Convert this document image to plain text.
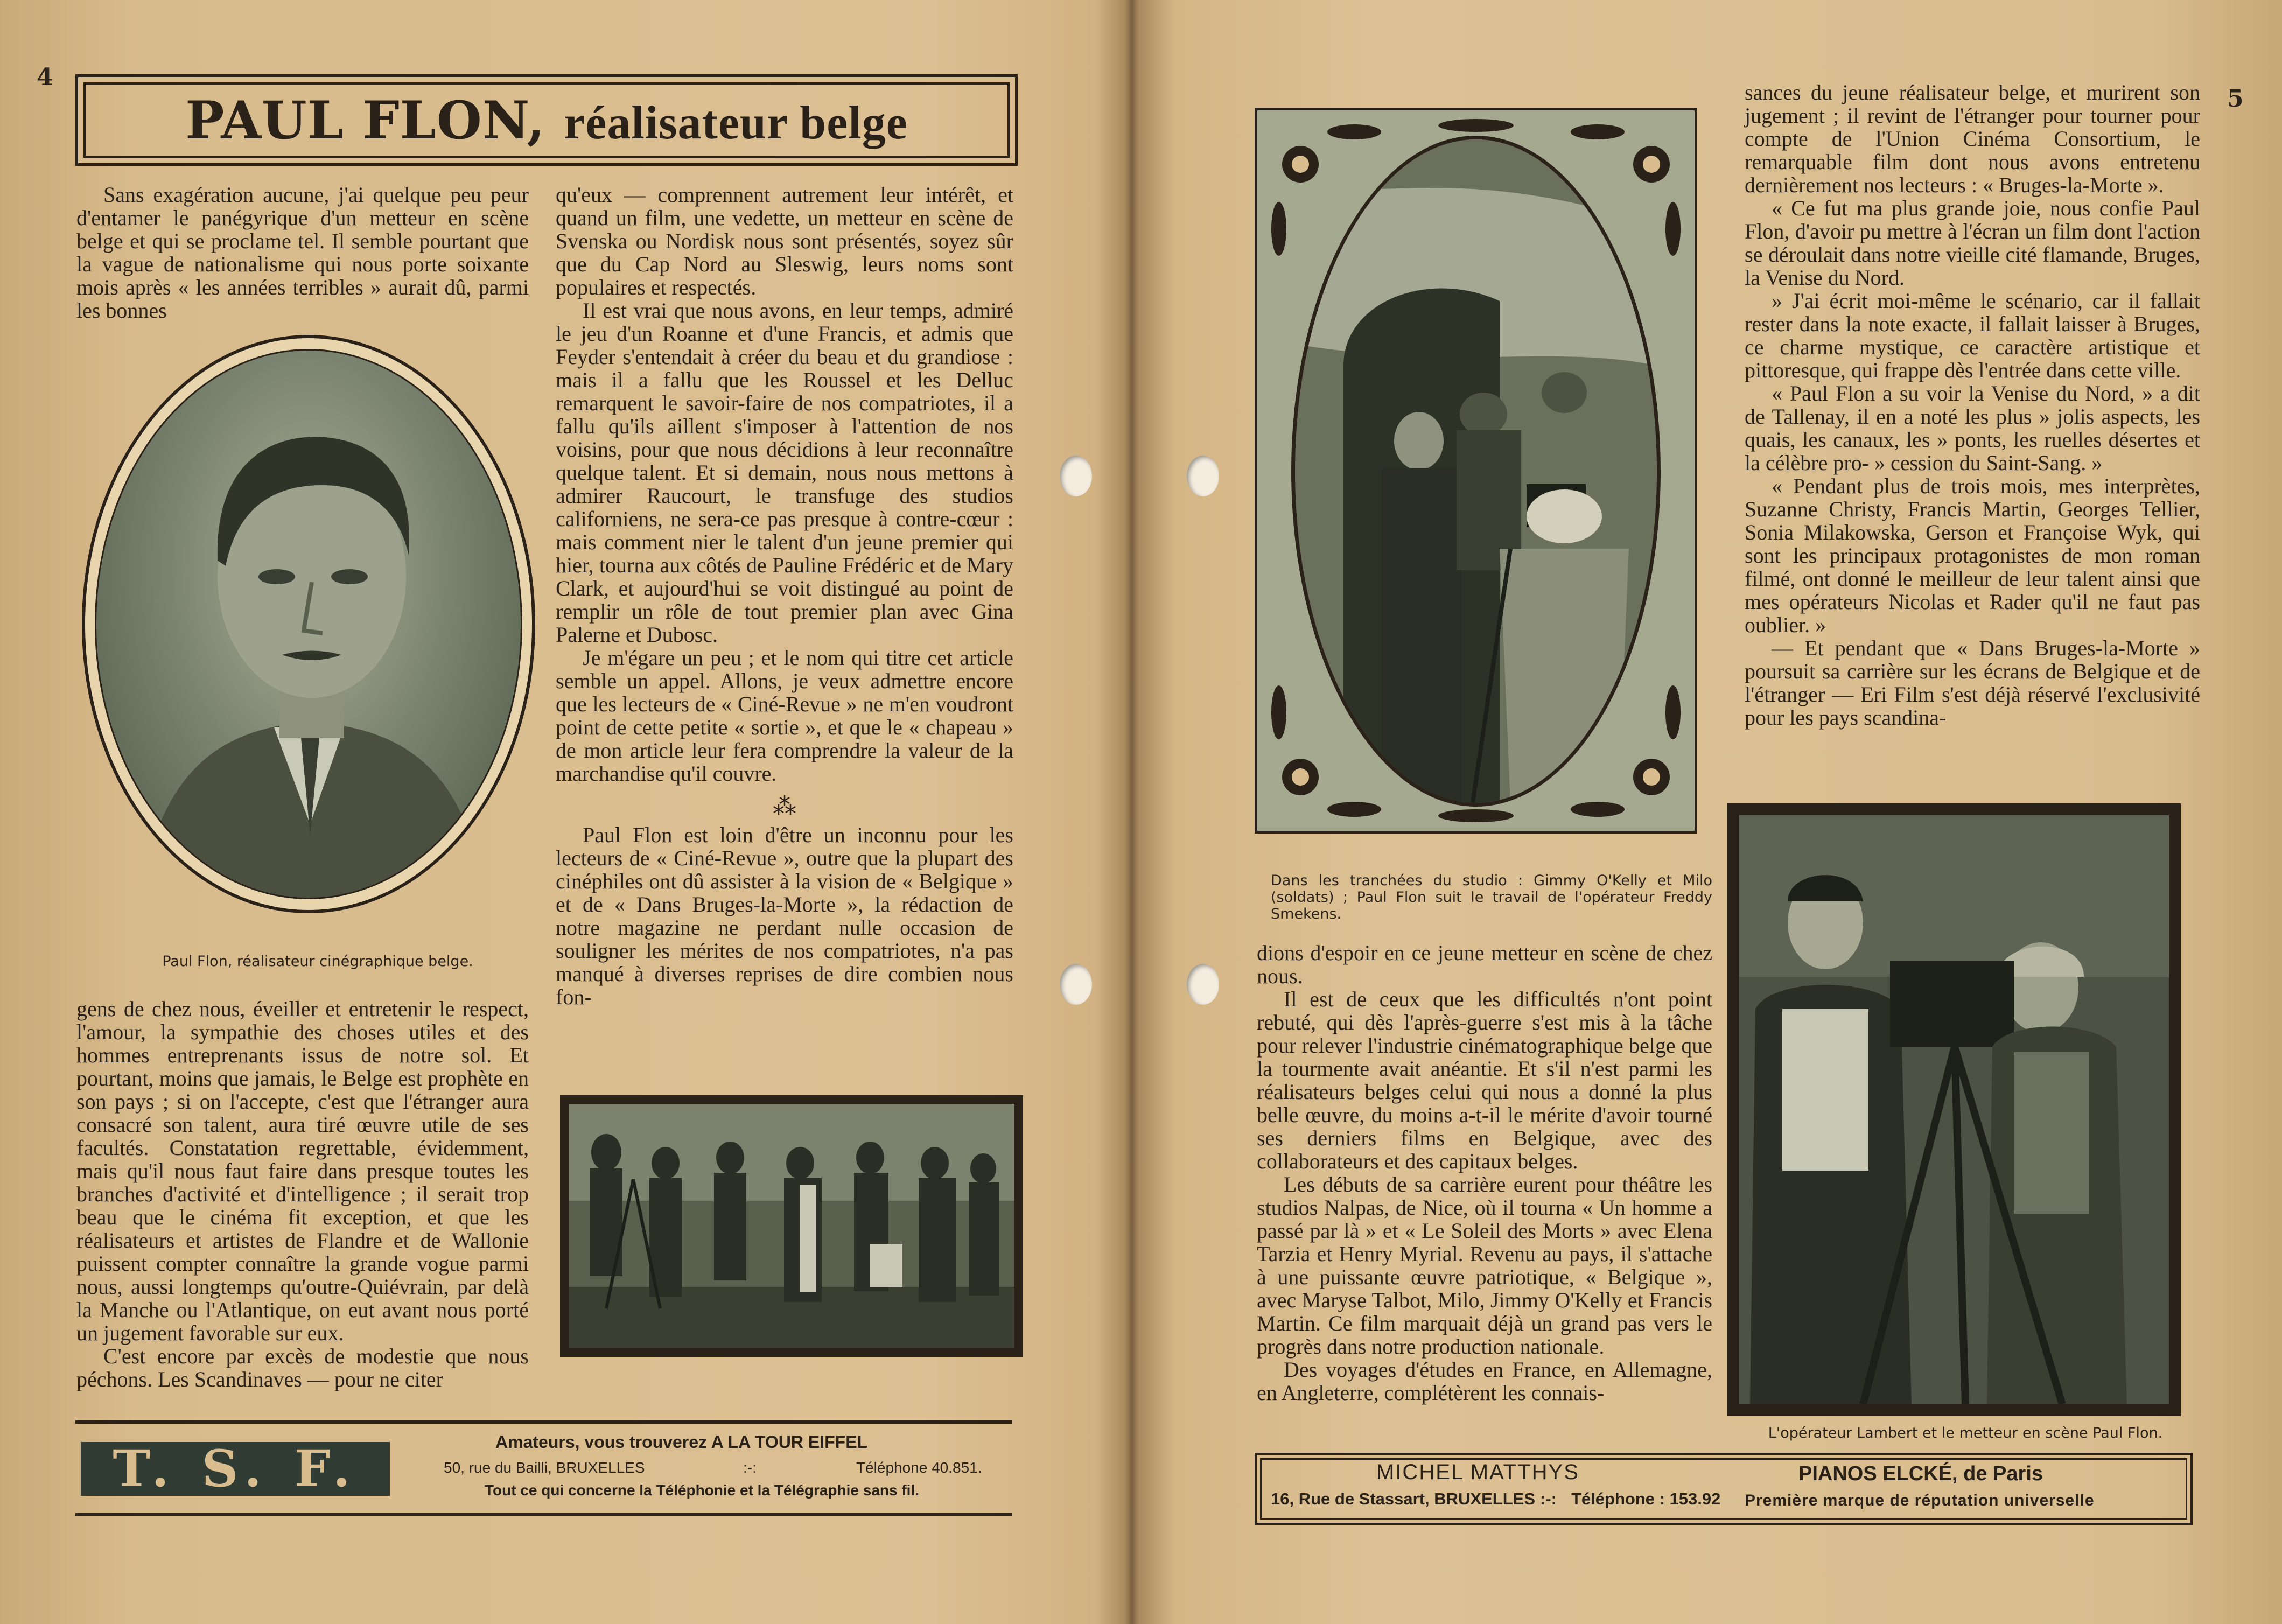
4
PAUL FLON, réalisateur belge

Sans exagération aucune, j'ai quelque peu peur d'entamer le panégyrique d'un metteur en scène belge et qui se proclame tel. Il semble pourtant que la vague de nationalisme qui nous porte soixante mois après « les années terribles » aurait dû, parmi les bonnes

Paul Flon, réalisateur cinégraphique belge.

gens de chez nous, éveiller et entretenir le respect, l'amour, la sympathie des choses utiles et des hommes entreprenants issus de notre sol. Et pourtant, moins que jamais, le Belge est prophète en son pays ; si on l'accepte, c'est que l'étranger aura consacré son talent, aura tiré œuvre utile de ses facultés. Constatation regrettable, évidemment, mais qu'il nous faut faire dans presque toutes les branches d'activité et d'intelligence ; il serait trop beau que le cinéma fit exception, et que les réalisateurs et artistes de Flandre et de Wallonie puissent compter connaître la grande vogue parmi nous, aussi longtemps qu'outre-Quiévrain, par delà la Manche ou l'Atlantique, on eut avant nous porté un jugement favorable sur eux.

C'est encore par excès de modestie que nous péchons. Les Scandinaves — pour ne citer

qu'eux — comprennent autrement leur intérêt, et quand un film, une vedette, un metteur en scène de Svenska ou Nordisk nous sont présentés, soyez sûr que du Cap Nord au Sleswig, leurs noms sont populaires et respectés.

Il est vrai que nous avons, en leur temps, admiré le jeu d'un Roanne et d'une Francis, et admis que Feyder s'entendait à créer du beau et du grandiose : mais il a fallu que les Roussel et les Delluc remarquent le savoir-faire de nos compatriotes, il a fallu qu'ils aillent s'imposer à l'attention de nos voisins, pour que nous décidions à leur reconnaître quelque talent. Et si demain, nous nous mettons à admirer Raucourt, le transfuge des studios californiens, ne sera-ce pas presque à contre-cœur : mais comment nier le talent d'un jeune premier qui hier, tourna aux côtés de Pauline Frédéric et de Mary Clark, et aujourd'hui se voit distingué au point de remplir un rôle de tout premier plan avec Gina Palerne et Dubosc.

Je m'égare un peu ; et le nom qui titre cet article semble un appel. Allons, je veux admettre encore que les lecteurs de « Ciné-Revue » ne m'en voudront point de cette petite « sortie », et que le « chapeau » de mon article leur fera comprendre la valeur de la marchandise qu'il couvre.

⁂

Paul Flon est loin d'être un inconnu pour les lecteurs de « Ciné-Revue », outre que la plupart des cinéphiles ont dû assister à la vision de « Belgique » et de « Dans Bruges-la-Morte », la rédaction de notre magazine ne perdant nulle occasion de souligner les mérites de nos compatriotes, n'a pas manqué à diverses reprises de dire combien nous fon-

T. S. F.	Amateurs, vous trouverez A LA TOUR EIFFEL
50, rue du Bailli, BRUXELLES	:-:	Téléphone 40.851.
Tout ce qui concerne la Téléphonie et la Télégraphie sans fil.
5
Dans les tranchées du studio : Gimmy O'Kelly et Milo (soldats) ; Paul Flon suit le travail de l'opérateur Freddy Smekens.

dions d'espoir en ce jeune metteur en scène de chez nous.

Il est de ceux que les difficultés n'ont point rebuté, qui dès l'après-guerre s'est mis à la tâche pour relever l'industrie cinématographique belge que la tourmente avait anéantie. Et s'il n'est parmi les réalisateurs belges celui qui nous a donné la plus belle œuvre, du moins a-t-il le mérite d'avoir tourné ses derniers films en Belgique, avec des collaborateurs et des capitaux belges.

Les débuts de sa carrière eurent pour théâtre les studios Nalpas, de Nice, où il tourna « Un homme a passé par là » et « Le Soleil des Morts » avec Elena Tarzia et Henry Myrial. Revenu au pays, il s'attache à une puissante œuvre patriotique, « Belgique », avec Maryse Talbot, Milo, Jimmy O'Kelly et Francis Martin. Ce film marquait déjà un grand pas vers le progrès dans notre production nationale.

Des voyages d'études en France, en Allemagne, en Angleterre, complétèrent les connais-

sances du jeune réalisateur belge, et murirent son jugement ; il revint de l'étranger pour tourner pour compte de l'Union Cinéma Consortium, le remarquable film dont nous avons entretenu dernièrement nos lecteurs : « Bruges-la-Morte ».

« Ce fut ma plus grande joie, nous confie Paul Flon, d'avoir pu mettre à l'écran un film dont l'action se déroulait dans notre vieille cité flamande, Bruges, la Venise du Nord.

» J'ai écrit moi-même le scénario, car il fallait rester dans la note exacte, il fallait laisser à Bruges, ce charme mystique, ce caractère artistique et pittoresque, qui frappe dès l'entrée dans cette ville.

« Paul Flon a su voir la Venise du Nord, » a dit de Tallenay, il en a noté les plus » jolis aspects, les quais, les canaux, les » ponts, les ruelles désertes et la célèbre pro- » cession du Saint-Sang. »

« Pendant plus de trois mois, mes interprètes, Suzanne Christy, Francis Martin, Georges Tellier, Sonia Milakowska, Gerson et Françoise Wyk, qui sont les principaux protagonistes de mon roman filmé, ont donné le meilleur de leur talent ainsi que mes opérateurs Nicolas et Rader qu'il ne faut pas oublier. »

— Et pendant que « Dans Bruges-la-Morte » poursuit sa carrière sur les écrans de Belgique et de l'étranger — Eri Film s'est déjà réservé l'exclusivité pour les pays scandina-

L'opérateur Lambert et le metteur en scène Paul Flon.
MICHEL MATTHYS
16, Rue de Stassart, BRUXELLES :-: Téléphone : 153.92
PIANOS ELCKÉ, de Paris
Première marque de réputation universelle
